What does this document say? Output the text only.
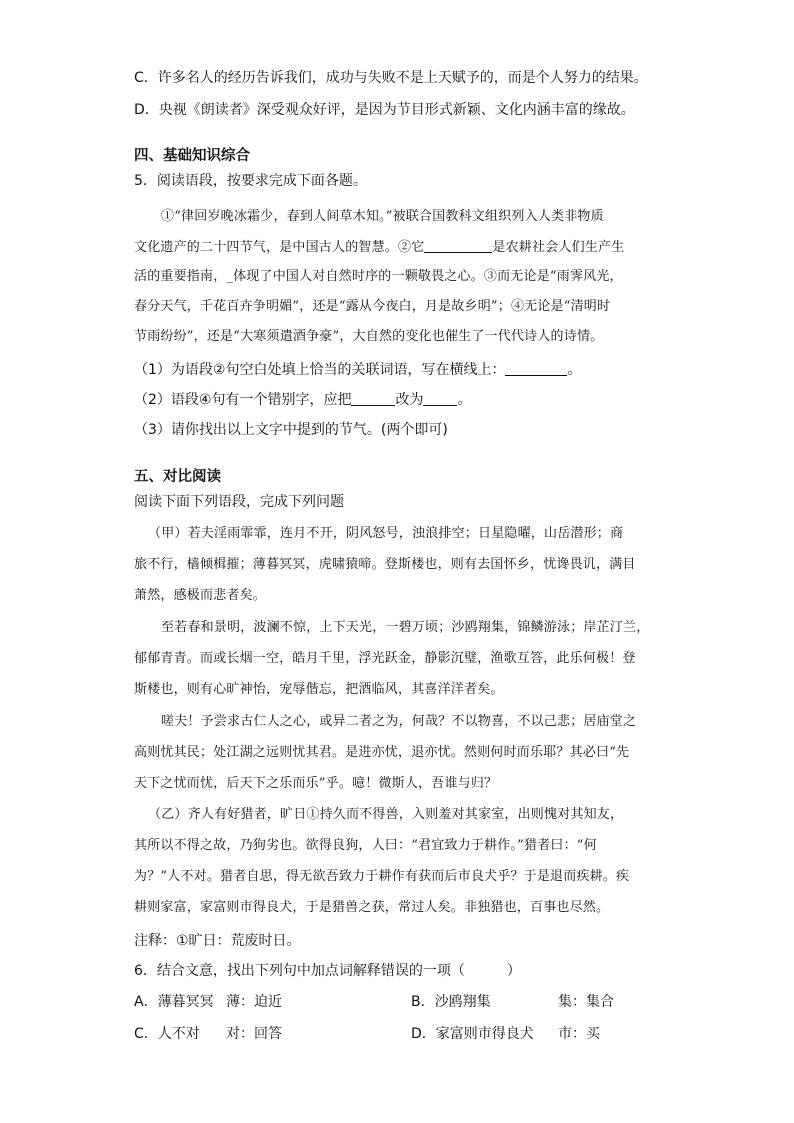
C．许多名人的经历告诉我们，成功与失败不是上天赋予的，而是个人努力的结果。
D．央视《朗读者》深受观众好评，是因为节目形式新颖、文化内涵丰富的缘故。
四、基础知识综合
5．阅读语段，按要求完成下面各题。
①“律回岁晚冰霜少，春到人间草木知。”被联合国教科文组织列入人类非物质
文化遗产的二十四节气，是中国古人的智慧。②它	是农耕社会人们生产生
活的重要指南，_体现了中国人对自然时序的一颗敬畏之心。③而无论是“雨霁风光，
春分天气，千花百卉争明媚”，还是“露从今夜白，月是故乡明”；④无论是“清明时
节雨纷纷”，还是“大寒须遣酒争豪”，大自然的变化也催生了一代代诗人的诗情。
（1）为语段②句空白处填上恰当的关联词语，写在横线上：	。
（2）语段④句有一个错别字，应把	改为 。
（3）请你找出以上文字中提到的节气。(两个即可)
五、对比阅读
阅读下面下列语段，完成下列问题
（甲）若夫淫雨霏霏，连月不开，阴风怒号，浊浪排空；日星隐曜，山岳潜形；商
旅不行，樯倾楫摧；薄暮冥冥，虎啸猿啼。登斯楼也，则有去国怀乡，忧谗畏讥，满目
萧然，感极而悲者矣。
至若春和景明，波澜不惊，上下天光，一碧万顷；沙鸥翔集，锦鳞游泳；岸芷汀兰，
郁郁青青。而或长烟一空，皓月千里，浮光跃金，静影沉璧，渔歌互答，此乐何极！登
斯楼也，则有心旷神怡，宠辱偕忘，把酒临风，其喜洋洋者矣。
嗟夫！予尝求古仁人之心，或异二者之为，何哉？不以物喜，不以己悲；居庙堂之
高则忧其民；处江湖之远则忧其君。是进亦忧，退亦忧。然则何时而乐耶？其必曰“先
天下之忧而忧，后天下之乐而乐”乎。噫！微斯人，吾谁与归？
（乙）齐人有好猎者，旷日①持久而不得兽，入则羞对其家室，出则愧对其知友，
其所以不得之故，乃狗劣也。欲得良狗，人曰：“君宜致力于耕作。”猎者曰：“何
为？”人不对。猎者自思，得无欲吾致力于耕作有获而后市良犬乎？于是退而疾耕。疾
耕则家富，家富则市得良犬，于是猎兽之获，常过人矣。非独猎也，百事也尽然。
注释：①旷日：荒废时日。
6．结合文意，找出下列句中加点词解释错误的一项（　　　）
A．薄暮冥冥 薄：迫近	B．沙鸥翔集	集：集合
C．人不对 对：回答	D．家富则市得良犬 市：买
